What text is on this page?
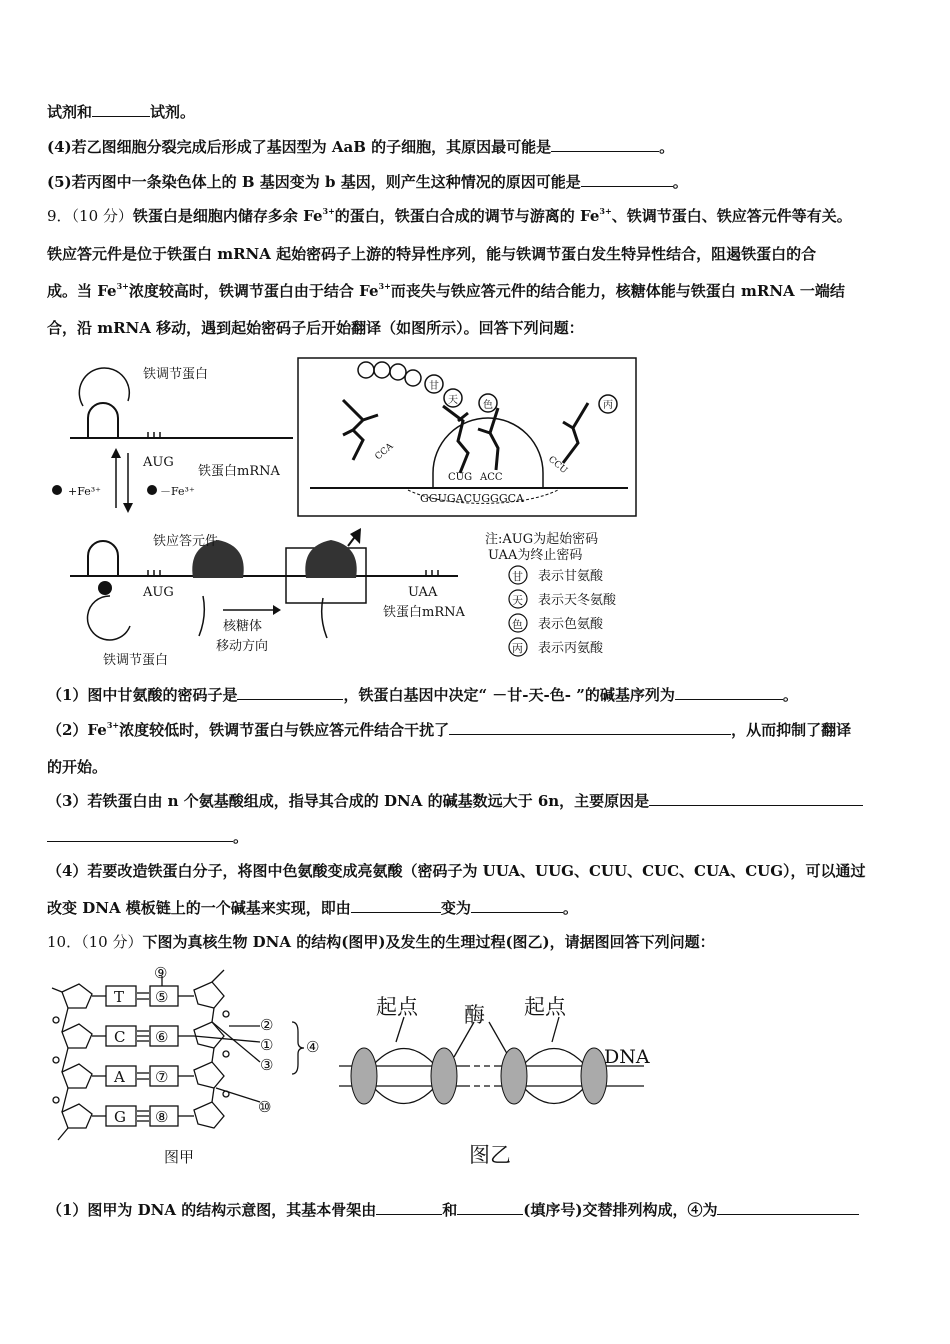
试剂和	试剂。
(4)若乙图细胞分裂完成后形成了基因型为 AaB 的子细胞，其原因最可能是	。
(5)若丙图中一条染色体上的 B 基因变为 b 基因，则产生这种情况的原因可能是	。
9．（10 分）铁蛋白是细胞内储存多余 $Fe^{3+}$的蛋白，铁蛋白合成的调节与游离的 $Fe^{3+}$、铁调节蛋白、铁应答元件等有关。
铁应答元件是位于铁蛋白 mRNA 起始密码子上游的特异性序列，能与铁调节蛋白发生特异性结合，阻遏铁蛋白的合
成。当 $Fe^{3+}$浓度较高时，铁调节蛋白由于结合 $Fe^{3+}$而丧失与铁应答元件的结合能力，核糖体能与铁蛋白 mRNA 一端结
合，沿 mRNA 移动，遇到起始密码子后开始翻译（如图所示）。回答下列问题：
铁调节蛋白
AUG
铁蛋白mRNA
+Fe³⁺	－Fe³⁺
铁应答元件
AUG	UAA
铁蛋白mRNA
核糖体
移动方向
铁调节蛋白
GGUGACUGGGCA
CCA
CUG ACC
CCU
甘
天	色	丙
注:AUG为起始密码
UAA为终止密码
甘
天
色
丙
表示甘氨酸
表示天冬氨酸
表示色氨酸
表示丙氨酸
（1）图中甘氨酸的密码子是	，铁蛋白基因中决定“ －甘-天-色- ”的碱基序列为	。
$(2)Fe^{3+}$浓度较低时，铁调节蛋白与铁应答元件结合干扰了	，从而抑制了翻译
的开始。
（3）若铁蛋白由 n 个氨基酸组成，指导其合成的 DNA 的碱基数远大于 6n，主要原因是
。
（4）若要改造铁蛋白分子，将图中色氨酸变成亮氨酸（密码子为 UUA、UUG、CUU、CUC、CUA、CUG），可以通过
改变 DNA 模板链上的一个碱基来实现，即由	变为	。
10．（10 分）下图为真核生物 DNA 的结构(图甲)及发生的生理过程(图乙)，请据图回答下列问题：
T
C
A
G
⑤
⑥
⑦
⑧
⑨
②
①
③
④
⑩
图甲
起点 酶 起点
DNA
图乙
（1）图甲为 DNA 的结构示意图，其基本骨架由	和	(填序号)交替排列构成，④为
